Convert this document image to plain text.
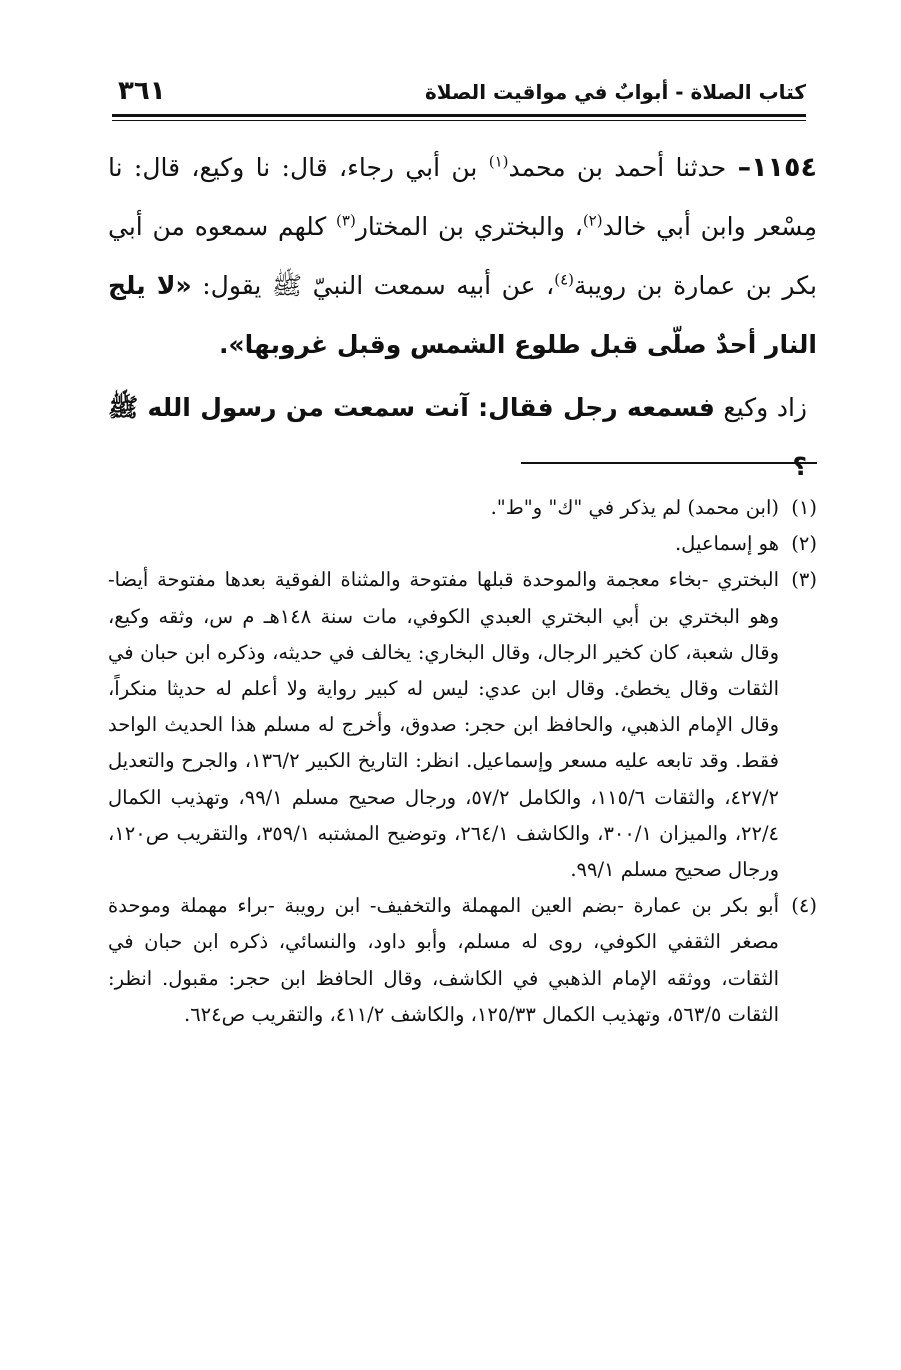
كتاب الصلاة - أبوابٌ في مواقيت الصلاة
٣٦١

١١٥٤– حدثنا أحمد بن محمد$^{(١)}$ بن أبي رجاء، قال: نا وكيع، قال: نا مِسْعر وابن أبي خالد$^{(٢)}$، والبختري بن المختار$^{(٣)}$ كلهم سمعوه من أبي بكر بن عمارة بن رويبة$^{(٤)}$، عن أبيه سمعت النبيّ ﷺ يقول: «لا يلج النار أحدٌ صلّى قبل طلوع الشمس وقبل غروبها».

زاد وكيع فسمعه رجل فقال: آنت سمعت من رسول الله ﷺ ؟

(١)
(ابن محمد) لم يذكر في "ك" و"ط".
(٢)
هو إسماعيل.
(٣)
البختري -بخاء معجمة والموحدة قبلها مفتوحة والمثناة الفوقية بعدها مفتوحة أيضا- وهو البختري بن أبي البختري العبدي الكوفي، مات سنة ١٤٨هـ م س، وثقه وكيع، وقال شعبة، كان كخير الرجال، وقال البخاري: يخالف في حديثه، وذكره ابن حبان في الثقات وقال يخطئ. وقال ابن عدي: ليس له كبير رواية ولا أعلم له حديثا منكراً، وقال الإمام الذهبي، والحافظ ابن حجر: صدوق، وأخرج له مسلم هذا الحديث الواحد فقط. وقد تابعه عليه مسعر وإسماعيل. انظر: التاريخ الكبير ١٣٦/٢، والجرح والتعديل ٤٢٧/٢، والثقات ١١٥/٦، والكامل ٥٧/٢، ورجال صحيح مسلم ٩٩/١، وتهذيب الكمال ٢٢/٤، والميزان ٣٠٠/١، والكاشف ٢٦٤/١، وتوضيح المشتبه ٣٥٩/١، والتقريب ص١٢٠، ورجال صحيح مسلم ٩٩/١.
(٤)
أبو بكر بن عمارة -بضم العين المهملة والتخفيف- ابن رويبة -براء مهملة وموحدة مصغر الثقفي الكوفي، روى له مسلم، وأبو داود، والنسائي، ذكره ابن حبان في الثقات، ووثقه الإمام الذهبي في الكاشف، وقال الحافظ ابن حجر: مقبول. انظر: الثقات ٥٦٣/٥، وتهذيب الكمال ١٢٥/٣٣، والكاشف ٤١١/٢، والتقريب ص٦٢٤.
